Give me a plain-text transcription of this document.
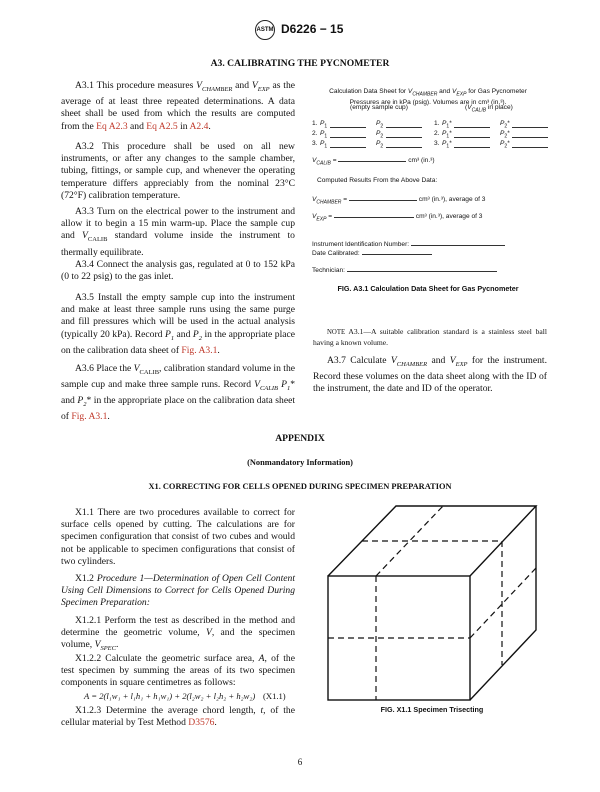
ASTM D6226 − 15
A3. CALIBRATING THE PYCNOMETER
A3.1 This procedure measures $V_{CHAMBER}$ and $V_{EXP}$ as the average of at least three repeated determinations. A data sheet shall be used from which the results are computed from the Eq A2.3 and Eq A2.5 in A2.4.
A3.2 This procedure shall be used on all new instruments, or after any changes to the sample chamber, tubing, fittings, or sample cup, and whenever the operating temperature differs appreciably from the nominal 23°C (72°F) calibration temperature.
A3.3 Turn on the electrical power to the instrument and allow it to begin a 15 min warm-up. Place the sample cup and $V_{CALIB}$ standard volume inside the instrument to thermally equilibrate.
A3.4 Connect the analysis gas, regulated at 0 to 152 kPa (0 to 22 psig) to the gas inlet.
A3.5 Install the empty sample cup into the instrument and make at least three sample runs using the same purge and fill pressures which will be used in the actual analysis (typically 20 kPa). Record $P_1$ and $P_2$ in the appropriate place on the calibration data sheet of Fig. A3.1.
A3.6 Place the $V_{CALIB}$, calibration standard volume in the sample cup and make three sample runs. Record $V_{CALIB}$ $P_1*$ and $P_2*$ in the appropriate place on the calibration data sheet of Fig. A3.1.
Calculation Data Sheet for $V_{CHAMBER}$ and $V_{EXP}$ for Gas Pycnometer
Pressures are in kPa (psig). Volumes are in cm³ (in.³).
(empty sample cup)	($V_{CALIB}$ in place)
1. $P_1$	$P_2$	1. $P_1*$	$P_2*$
2. $P_1$	$P_2$	2. $P_1*$	$P_2*$
3. $P_1$	$P_2$	3. $P_1*$	$P_2*$
$V_{CALIB}$ =	cm³ (in.³)
Computed Results From the Above Data:
$V_{CHAMBER}$ =	cm³ (in.³), average of 3
$V_{EXP}$ =	cm³ (in.³), average of 3
Instrument Identification Number:
Date Calibrated:
Technician:
FIG. A3.1 Calculation Data Sheet for Gas Pycnometer
NOTE A3.1—A suitable calibration standard is a stainless steel ball having a known volume.
A3.7 Calculate $V_{CHAMBER}$ and $V_{EXP}$ for the instrument. Record these volumes on the data sheet along with the ID of the instrument, the date and ID of the operator.
APPENDIX
(Nonmandatory Information)
X1. CORRECTING FOR CELLS OPENED DURING SPECIMEN PREPARATION
X1.1 There are two procedures available to correct for surface cells opened by cutting. The calculations are for specimen configuration that consist of two cubes and would not be applicable to specimen configurations that consist of two cylinders.
X1.2 Procedure 1—Determination of Open Cell Content Using Cell Dimensions to Correct for Cells Opened During Specimen Preparation:
X1.2.1 Perform the test as described in the method and determine the geometric volume, V, and the specimen volume, $V_{SPEC}$.
X1.2.2 Calculate the geometric surface area, A, of the test specimen by summing the areas of its two specimen components in square centimetres as follows:
A = 2(l₁w₁ + l₁h₁ + h₁w₁) + 2(l₂w₂ + l₂h₂ + h₂w₂) (X1.1)
X1.2.3 Determine the average chord length, t, of the cellular material by Test Method D3576.
FIG. X1.1 Specimen Trisecting
6
